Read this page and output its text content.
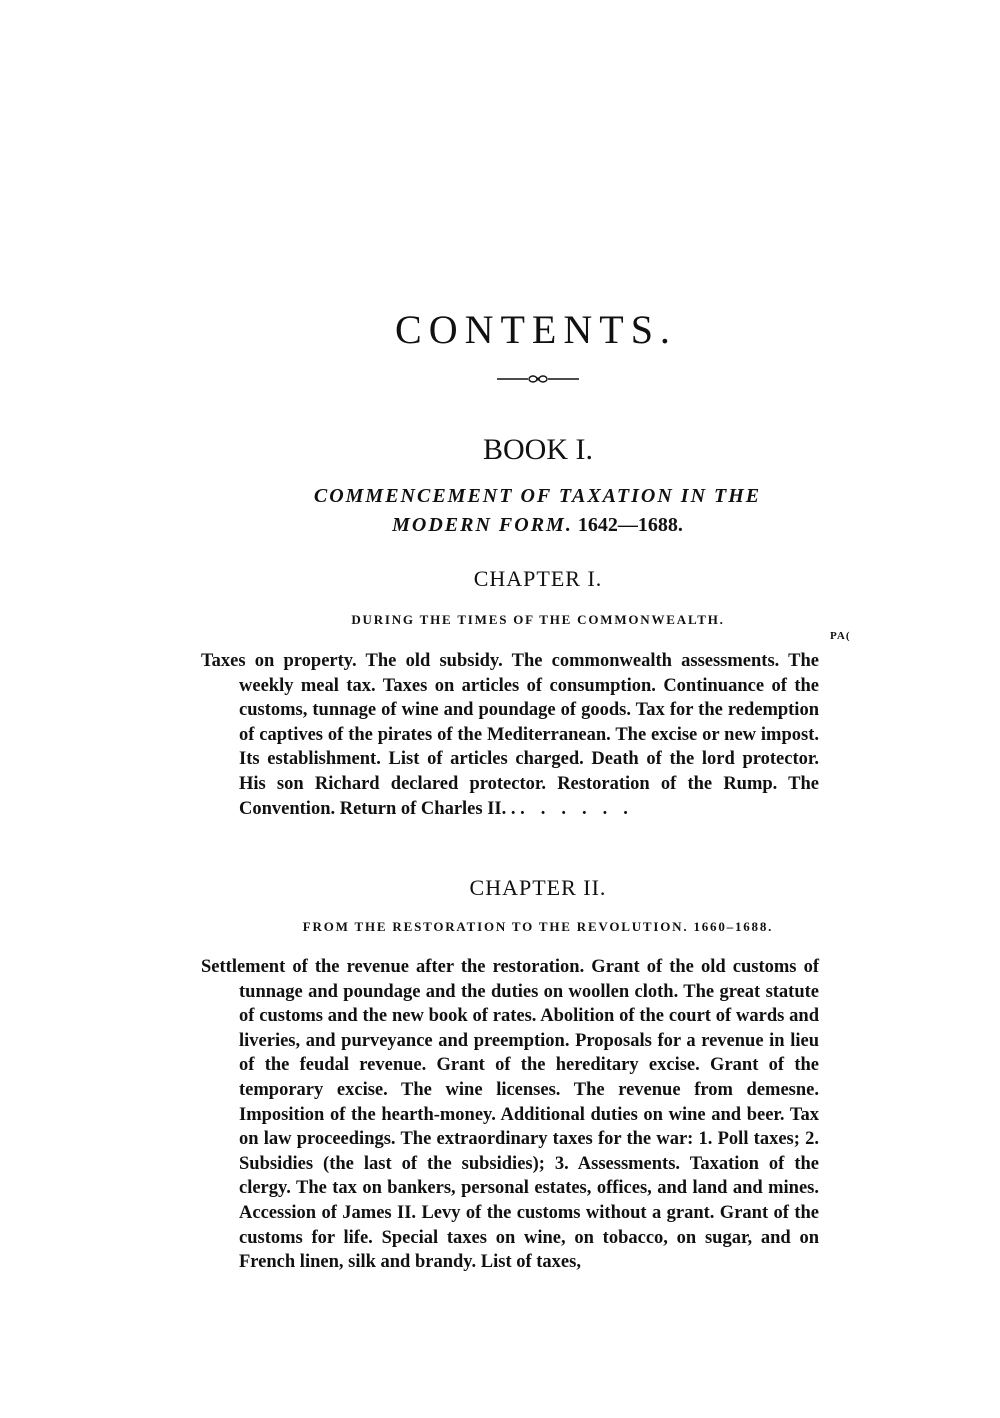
CONTENTS.
BOOK I.
COMMENCEMENT OF TAXATION IN THE
MODERN FORM. 1642—1688.
CHAPTER I.
DURING THE TIMES OF THE COMMONWEALTH.
PA(
Taxes on property. The old subsidy. The commonwealth assessments. The weekly meal tax. Taxes on articles of consumption. Continuance of the customs, tunnage of wine and poundage of goods. Tax for the redemption of captives of the pirates of the Mediterranean. The excise or new impost. Its establishment. List of articles charged. Death of the lord protector. His son Richard declared protector. Restoration of the Rump. The Convention. Return of Charles II. . ......
CHAPTER II.
FROM THE RESTORATION TO THE REVOLUTION. 1660–1688.
Settlement of the revenue after the restoration. Grant of the old customs of tunnage and poundage and the duties on woollen cloth. The great statute of customs and the new book of rates. Abolition of the court of wards and liveries, and purveyance and preemption. Proposals for a revenue in lieu of the feudal revenue. Grant of the hereditary excise. Grant of the temporary excise. The wine licenses. The revenue from demesne. Imposition of the hearth-money. Additional duties on wine and beer. Tax on law proceedings. The extraordinary taxes for the war: 1. Poll taxes; 2. Subsidies (the last of the subsidies); 3. Assessments. Taxation of the clergy. The tax on bankers, personal estates, offices, and land and mines. Accession of James II. Levy of the customs without a grant. Grant of the customs for life. Special taxes on wine, on tobacco, on sugar, and on French linen, silk and brandy. List of taxes,
